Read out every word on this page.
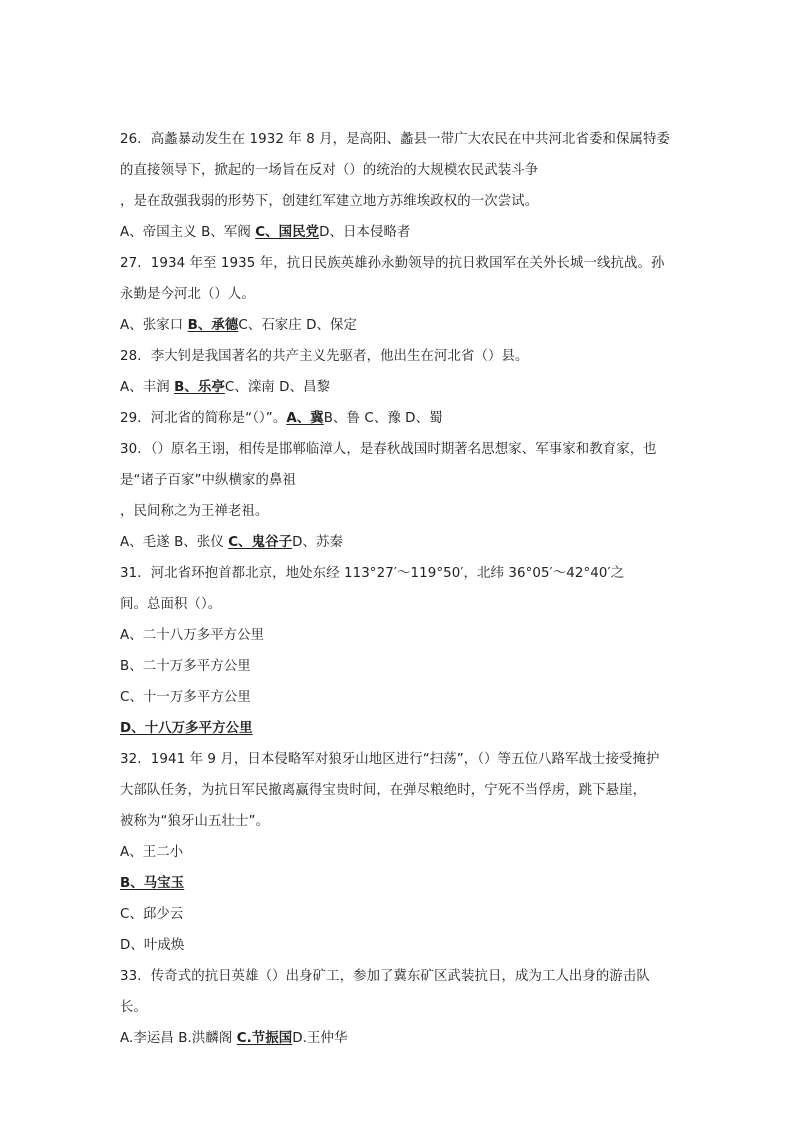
26．高蠡暴动发生在 1932 年 8 月，是高阳、蠡县一带广大农民在中共河北省委和保属特委
的直接领导下，掀起的一场旨在反对（）的统治的大规模农民武装斗争
，是在敌强我弱的形势下，创建红军建立地方苏维埃政权的一次尝试。
A、帝国主义 B、军阀 C、国民党D、日本侵略者
27．1934 年至 1935 年，抗日民族英雄孙永勤领导的抗日救国军在关外长城一线抗战。孙
永勤是今河北（）人。
A、张家口 B、承德C、石家庄 D、保定
28．李大钊是我国著名的共产主义先驱者，他出生在河北省（）县。
A、丰润 B、乐亭C、滦南 D、昌黎
29．河北省的简称是“（）”。A、冀B、鲁 C、豫 D、蜀
30．（）原名王诩，相传是邯郸临漳人，是春秋战国时期著名思想家、军事家和教育家，也
是“诸子百家”中纵横家的鼻祖
，民间称之为王禅老祖。
A、毛遂 B、张仪 C、鬼谷子D、苏秦
31．河北省环抱首都北京，地处东经 113°27′～119°50′，北纬 36°05′～42°40′之
间。总面积（）。
A、二十八万多平方公里
B、二十万多平方公里
C、十一万多平方公里
D、十八万多平方公里
32．1941 年 9 月，日本侵略军对狼牙山地区进行“扫荡”，（）等五位八路军战士接受掩护
大部队任务，为抗日军民撤离赢得宝贵时间，在弹尽粮绝时，宁死不当俘虏，跳下悬崖，
被称为“狼牙山五壮士”。
A、王二小
B、马宝玉
C、邱少云
D、叶成焕
33．传奇式的抗日英雄（）出身矿工，参加了冀东矿区武装抗日，成为工人出身的游击队
长。
A.李运昌 B.洪麟阁 C.节振国D.王仲华
